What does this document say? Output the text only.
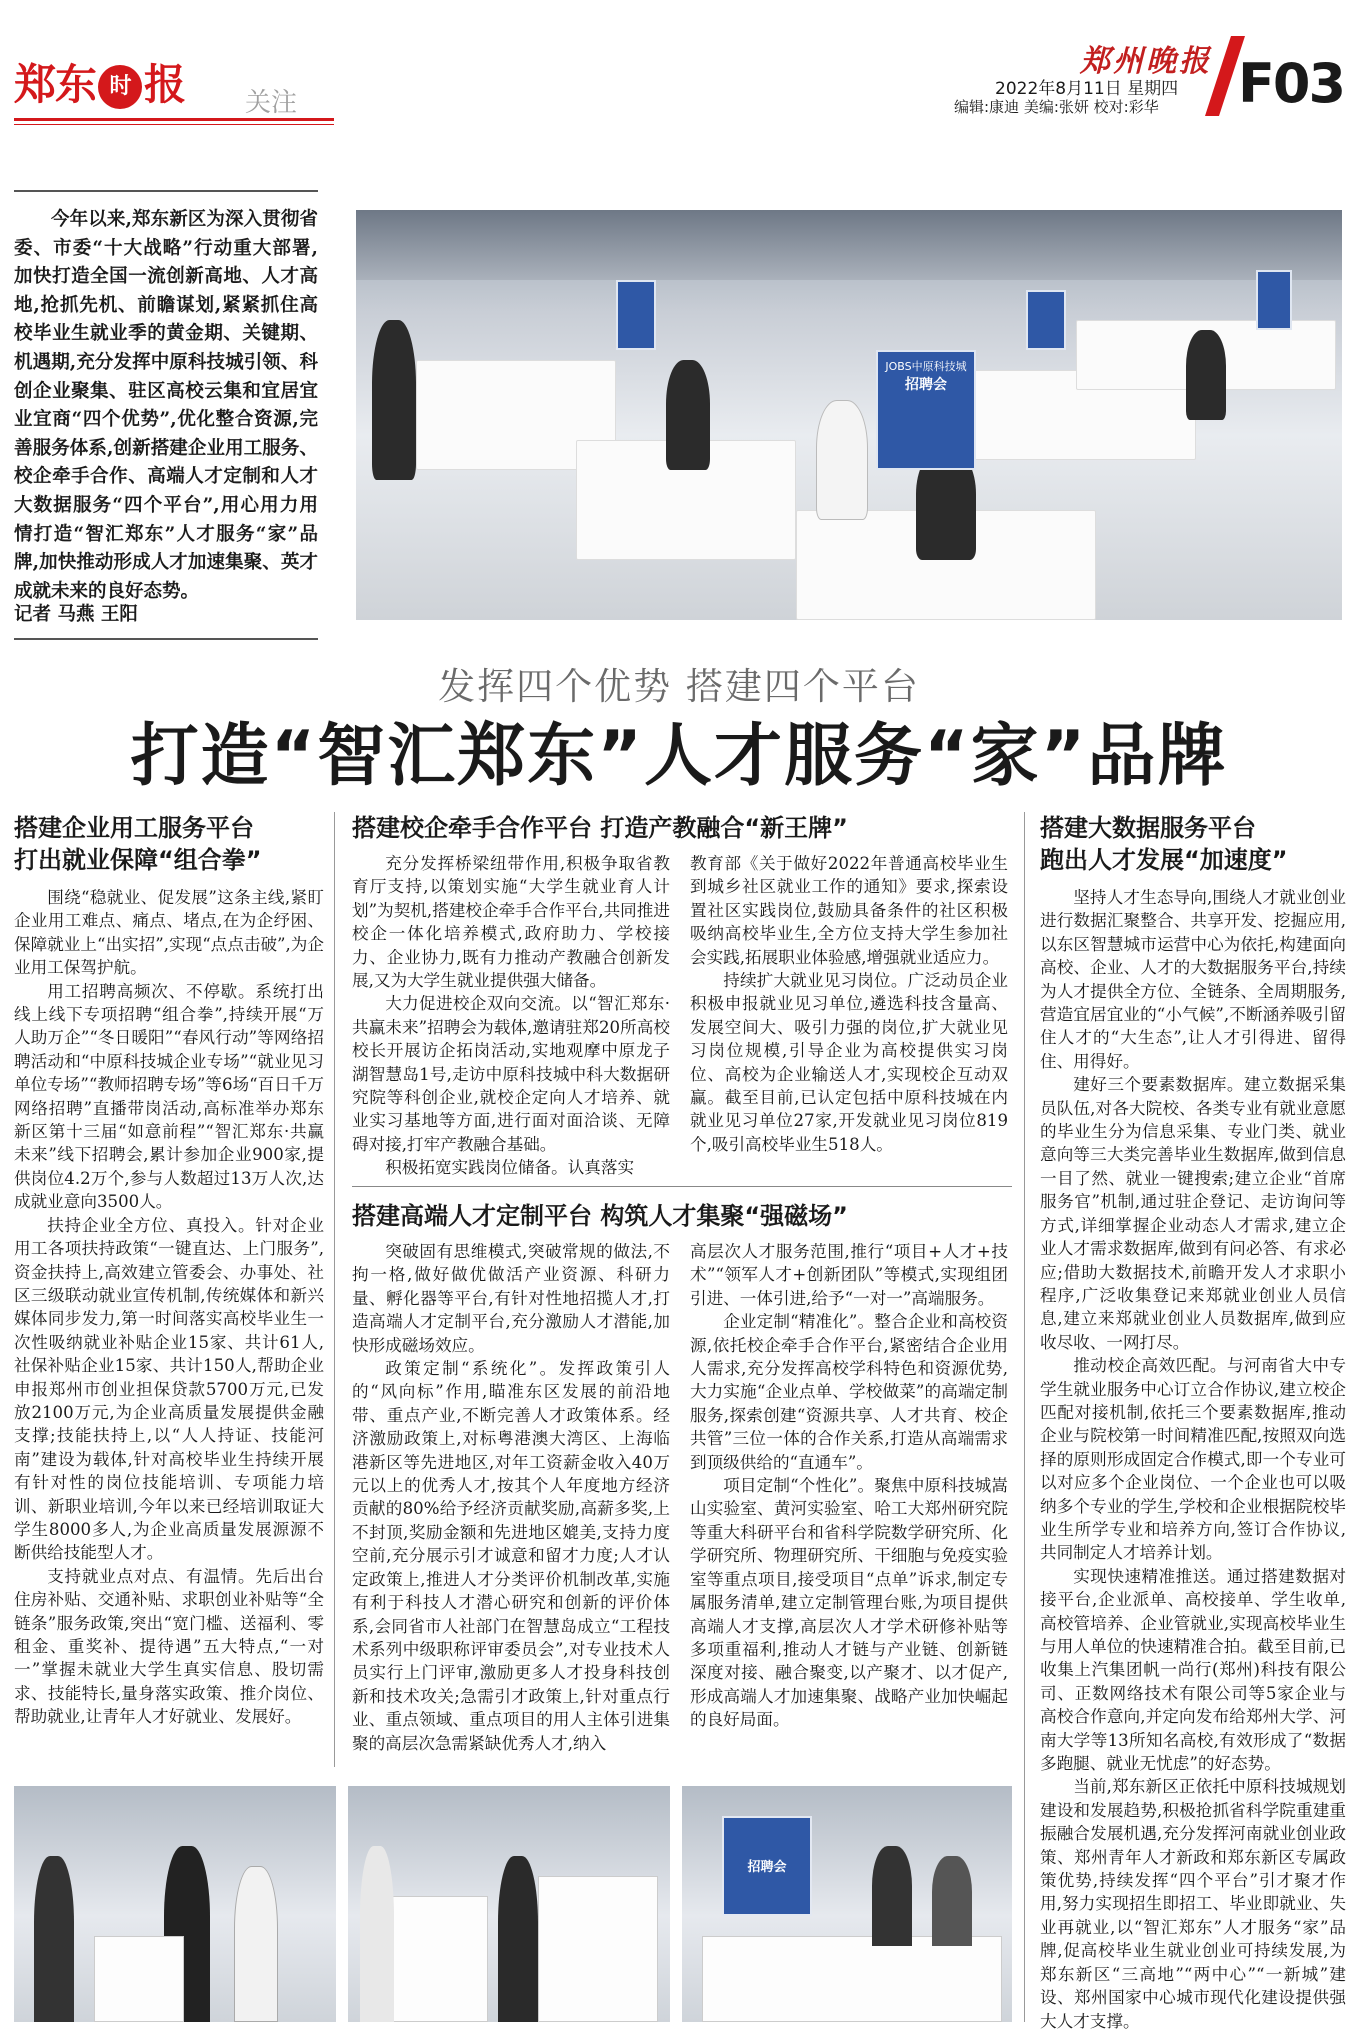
郑东 时 报 关注
郑州晚报
2022年8月11日 星期四
编辑:康迪 美编:张妍 校对:彩华 F03
今年以来,郑东新区为深入贯彻省委、市委“十大战略”行动重大部署,加快打造全国一流创新高地、人才高地,抢抓先机、前瞻谋划,紧紧抓住高校毕业生就业季的黄金期、关键期、机遇期,充分发挥中原科技城引领、科创企业聚集、驻区高校云集和宜居宜业宜商“四个优势”,优化整合资源,完善服务体系,创新搭建企业用工服务、校企牵手合作、高端人才定制和人才大数据服务“四个平台”,用心用力用情打造“智汇郑东”人才服务“家”品牌,加快推动形成人才加速集聚、英才成就未来的良好态势。
记者 马燕 王阳
JOBS中原科技城
招聘会
发挥四个优势 搭建四个平台
打造“智汇郑东”人才服务“家”品牌
搭建企业用工服务平台
打出就业保障“组合拳”
围绕“稳就业、促发展”这条主线,紧盯企业用工难点、痛点、堵点,在为企纾困、保障就业上“出实招”,实现“点点击破”,为企业用工保驾护航。
用工招聘高频次、不停歇。系统打出线上线下专项招聘“组合拳”,持续开展“万人助万企”“冬日暖阳”“春风行动”等网络招聘活动和“中原科技城企业专场”“就业见习单位专场”“教师招聘专场”等6场“百日千万网络招聘”直播带岗活动,高标准举办郑东新区第十三届“如意前程”“智汇郑东·共赢未来”线下招聘会,累计参加企业900家,提供岗位4.2万个,参与人数超过13万人次,达成就业意向3500人。
扶持企业全方位、真投入。针对企业用工各项扶持政策“一键直达、上门服务”,资金扶持上,高效建立管委会、办事处、社区三级联动就业宣传机制,传统媒体和新兴媒体同步发力,第一时间落实高校毕业生一次性吸纳就业补贴企业15家、共计61人,社保补贴企业15家、共计150人,帮助企业申报郑州市创业担保贷款5700万元,已发放2100万元,为企业高质量发展提供金融支撑;技能扶持上,以“人人持证、技能河南”建设为载体,针对高校毕业生持续开展有针对性的岗位技能培训、专项能力培训、新职业培训,今年以来已经培训取证大学生8000多人,为企业高质量发展源源不断供给技能型人才。
支持就业点对点、有温情。先后出台住房补贴、交通补贴、求职创业补贴等“全链条”服务政策,突出“宽门槛、送福利、零租金、重奖补、提待遇”五大特点,“一对一”掌握未就业大学生真实信息、股切需求、技能特长,量身落实政策、推介岗位、帮助就业,让青年人才好就业、发展好。
搭建校企牵手合作平台 打造产教融合“新王牌”
充分发挥桥梁纽带作用,积极争取省教育厅支持,以策划实施“大学生就业育人计划”为契机,搭建校企牵手合作平台,共同推进校企一体化培养模式,政府助力、学校接力、企业协力,既有力推动产教融合创新发展,又为大学生就业提供强大储备。
大力促进校企双向交流。以“智汇郑东·共赢未来”招聘会为载体,邀请驻郑20所高校校长开展访企拓岗活动,实地观摩中原龙子湖智慧岛1号,走访中原科技城中科大数据研究院等科创企业,就校企定向人才培养、就业实习基地等方面,进行面对面洽谈、无障碍对接,打牢产教融合基础。
积极拓宽实践岗位储备。认真落实
教育部《关于做好2022年普通高校毕业生到城乡社区就业工作的通知》要求,探索设置社区实践岗位,鼓励具备条件的社区积极吸纳高校毕业生,全方位支持大学生参加社会实践,拓展职业体验感,增强就业适应力。
持续扩大就业见习岗位。广泛动员企业积极申报就业见习单位,遴选科技含量高、发展空间大、吸引力强的岗位,扩大就业见习岗位规模,引导企业为高校提供实习岗位、高校为企业输送人才,实现校企互动双赢。截至目前,已认定包括中原科技城在内就业见习单位27家,开发就业见习岗位819个,吸引高校毕业生518人。
搭建高端人才定制平台 构筑人才集聚“强磁场”
突破固有思维模式,突破常规的做法,不拘一格,做好做优做活产业资源、科研力量、孵化器等平台,有针对性地招揽人才,打造高端人才定制平台,充分激励人才潜能,加快形成磁场效应。
政策定制“系统化”。发挥政策引人的“风向标”作用,瞄准东区发展的前沿地带、重点产业,不断完善人才政策体系。经济激励政策上,对标粤港澳大湾区、上海临港新区等先进地区,对年工资薪金收入40万元以上的优秀人才,按其个人年度地方经济贡献的80%给予经济贡献奖励,高薪多奖,上不封顶,奖励金额和先进地区媲美,支持力度空前,充分展示引才诚意和留才力度;人才认定政策上,推进人才分类评价机制改革,实施有利于科技人才潜心研究和创新的评价体系,会同省市人社部门在智慧岛成立“工程技术系列中级职称评审委员会”,对专业技术人员实行上门评审,激励更多人才投身科技创新和技术攻关;急需引才政策上,针对重点行业、重点领域、重点项目的用人主体引进集聚的高层次急需紧缺优秀人才,纳入
高层次人才服务范围,推行“项目+人才+技术”“领军人才+创新团队”等模式,实现组团引进、一体引进,给予“一对一”高端服务。
企业定制“精准化”。整合企业和高校资源,依托校企牵手合作平台,紧密结合企业用人需求,充分发挥高校学科特色和资源优势,大力实施“企业点单、学校做菜”的高端定制服务,探索创建“资源共享、人才共育、校企共管”三位一体的合作关系,打造从高端需求到顶级供给的“直通车”。
项目定制“个性化”。聚焦中原科技城嵩山实验室、黄河实验室、哈工大郑州研究院等重大科研平台和省科学院数学研究所、化学研究所、物理研究所、干细胞与免疫实验室等重点项目,接受项目“点单”诉求,制定专属服务清单,建立定制管理台账,为项目提供高端人才支撑,高层次人才学术研修补贴等多项重福利,推动人才链与产业链、创新链深度对接、融合聚变,以产聚才、以才促产,形成高端人才加速集聚、战略产业加快崛起的良好局面。
搭建大数据服务平台
跑出人才发展“加速度”
坚持人才生态导向,围绕人才就业创业进行数据汇聚整合、共享开发、挖掘应用,以东区智慧城市运营中心为依托,构建面向高校、企业、人才的大数据服务平台,持续为人才提供全方位、全链条、全周期服务,营造宜居宜业的“小气候”,不断涵养吸引留住人才的“大生态”,让人才引得进、留得住、用得好。
建好三个要素数据库。建立数据采集员队伍,对各大院校、各类专业有就业意愿的毕业生分为信息采集、专业门类、就业意向等三大类完善毕业生数据库,做到信息一目了然、就业一键搜索;建立企业“首席服务官”机制,通过驻企登记、走访询问等方式,详细掌握企业动态人才需求,建立企业人才需求数据库,做到有问必答、有求必应;借助大数据技术,前瞻开发人才求职小程序,广泛收集登记来郑就业创业人员信息,建立来郑就业创业人员数据库,做到应收尽收、一网打尽。
推动校企高效匹配。与河南省大中专学生就业服务中心订立合作协议,建立校企匹配对接机制,依托三个要素数据库,推动企业与院校第一时间精准匹配,按照双向选择的原则形成固定合作模式,即一个专业可以对应多个企业岗位、一个企业也可以吸纳多个专业的学生,学校和企业根据院校毕业生所学专业和培养方向,签订合作协议,共同制定人才培养计划。
实现快速精准推送。通过搭建数据对接平台,企业派单、高校接单、学生收单,高校管培养、企业管就业,实现高校毕业生与用人单位的快速精准合拍。截至目前,已收集上汽集团帆一尚行(郑州)科技有限公司、正数网络技术有限公司等5家企业与高校合作意向,并定向发布给郑州大学、河南大学等13所知名高校,有效形成了“数据多跑腿、就业无忧虑”的好态势。
当前,郑东新区正依托中原科技城规划建设和发展趋势,积极抢抓省科学院重建重振融合发展机遇,充分发挥河南就业创业政策、郑州青年人才新政和郑东新区专属政策优势,持续发挥“四个平台”引才聚才作用,努力实现招生即招工、毕业即就业、失业再就业,以“智汇郑东”人才服务“家”品牌,促高校毕业生就业创业可持续发展,为郑东新区“三高地”“两中心”“一新城”建设、郑州国家中心城市现代化建设提供强大人才支撑。
招聘会
